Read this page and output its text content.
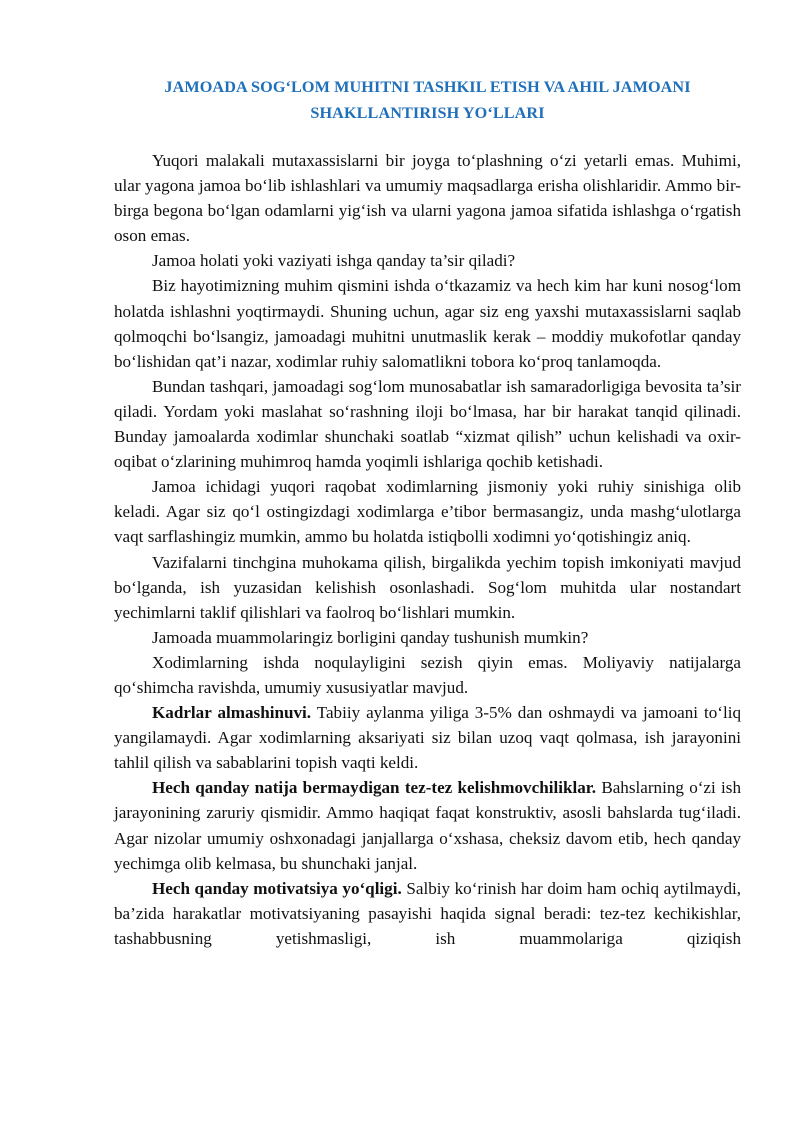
JAMOADA SOG‘LOM MUHITNI TASHKIL ETISH VA AHIL JAMOANI
SHAKLLANTIRISH YO‘LLARI

Yuqori malakali mutaxassislarni bir joyga to‘plashning o‘zi yetarli emas. Muhimi, ular yagona jamoa bo‘lib ishlashlari va umumiy maqsadlarga erisha olishlaridir. Ammo bir-birga begona bo‘lgan odamlarni yig‘ish va ularni yagona jamoa sifatida ishlashga o‘rgatish oson emas.

Jamoa holati yoki vaziyati ishga qanday ta’sir qiladi?

Biz hayotimizning muhim qismini ishda o‘tkazamiz va hech kim har kuni nosog‘lom holatda ishlashni yoqtirmaydi. Shuning uchun, agar siz eng yaxshi mutaxassislarni saqlab qolmoqchi bo‘lsangiz, jamoadagi muhitni unutmaslik kerak – moddiy mukofotlar qanday bo‘lishidan qat’i nazar, xodimlar ruhiy salomatlikni tobora ko‘proq tanlamoqda.

Bundan tashqari, jamoadagi sog‘lom munosabatlar ish samaradorligiga bevosita ta’sir qiladi. Yordam yoki maslahat so‘rashning iloji bo‘lmasa, har bir harakat tanqid qilinadi. Bunday jamoalarda xodimlar shunchaki soatlab “xizmat qilish” uchun kelishadi va oxir-oqibat o‘zlarining muhimroq hamda yoqimli ishlariga qochib ketishadi.

Jamoa ichidagi yuqori raqobat xodimlarning jismoniy yoki ruhiy sinishiga olib keladi. Agar siz qo‘l ostingizdagi xodimlarga e’tibor bermasangiz, unda mashg‘ulotlarga vaqt sarflashingiz mumkin, ammo bu holatda istiqbolli xodimni yo‘qotishingiz aniq.

Vazifalarni tinchgina muhokama qilish, birgalikda yechim topish imkoniyati mavjud bo‘lganda, ish yuzasidan kelishish osonlashadi. Sog‘lom muhitda ular nostandart yechimlarni taklif qilishlari va faolroq bo‘lishlari mumkin.

Jamoada muammolaringiz borligini qanday tushunish mumkin?

Xodimlarning ishda noqulayligini sezish qiyin emas. Moliyaviy natijalarga qo‘shimcha ravishda, umumiy xususiyatlar mavjud.

Kadrlar almashinuvi. Tabiiy aylanma yiliga 3-5% dan oshmaydi va jamoani to‘liq yangilamaydi. Agar xodimlarning aksariyati siz bilan uzoq vaqt qolmasa, ish jarayonini tahlil qilish va sabablarini topish vaqti keldi.

Hech qanday natija bermaydigan tez-tez kelishmovchiliklar. Bahslarning o‘zi ish jarayonining zaruriy qismidir. Ammo haqiqat faqat konstruktiv, asosli bahslarda tug‘iladi. Agar nizolar umumiy oshxonadagi janjallarga o‘xshasa, cheksiz davom etib, hech qanday yechimga olib kelmasa, bu shunchaki janjal.

Hech qanday motivatsiya yo‘qligi. Salbiy ko‘rinish har doim ham ochiq aytilmaydi, ba’zida harakatlar motivatsiyaning pasayishi haqida signal beradi: tez-tez kechikishlar, tashabbusning yetishmasligi, ish muammolariga qiziqish
